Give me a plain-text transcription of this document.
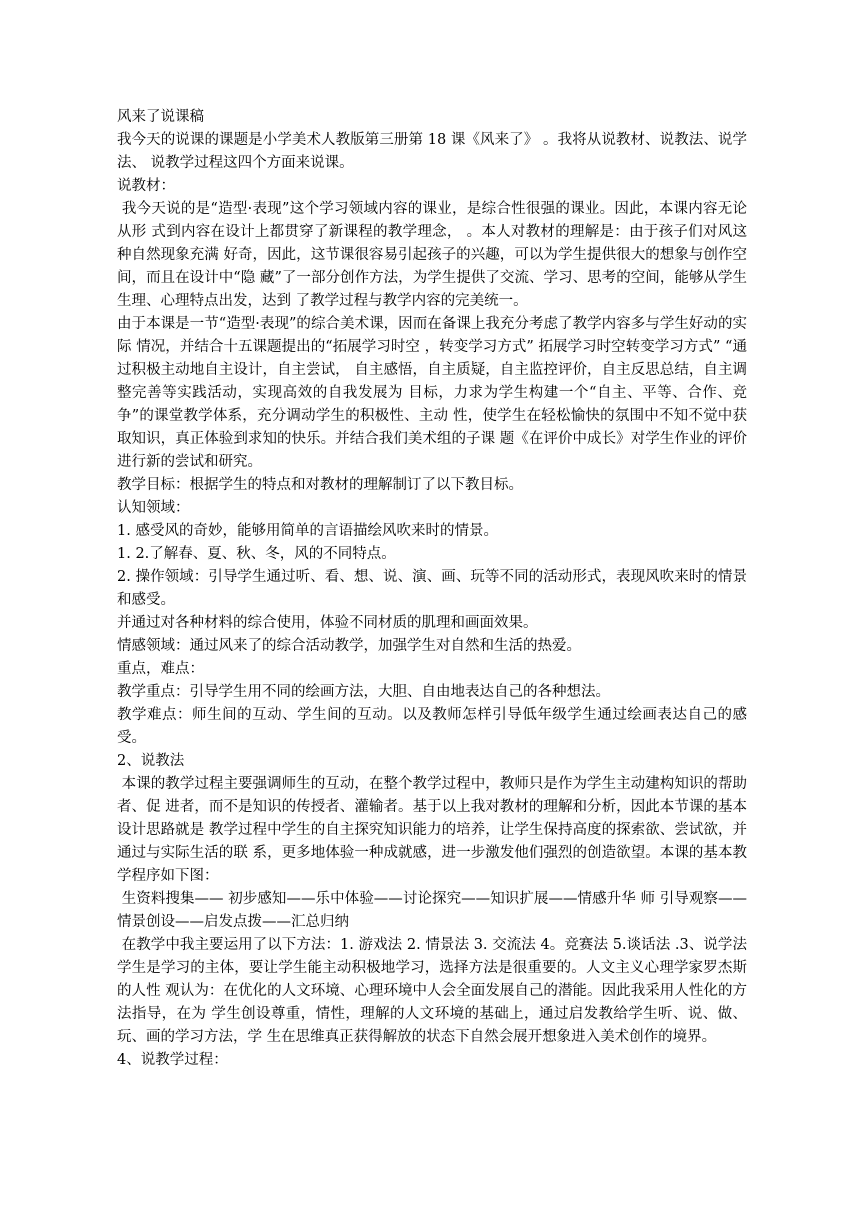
风来了说课稿

我今天的说课的课题是小学美术人教版第三册第 18 课《风来了》 。我将从说教材、说教法、说学法、 说教学过程这四个方面来说课。

说教材：

我今天说的是“造型·表现”这个学习领域内容的课业，是综合性很强的课业。因此，本课内容无论从形 式到内容在设计上都贯穿了新课程的教学理念， 。本人对教材的理解是：由于孩子们对风这种自然现象充满 好奇，因此，这节课很容易引起孩子的兴趣，可以为学生提供很大的想象与创作空间，而且在设计中“隐 藏”了一部分创作方法，为学生提供了交流、学习、思考的空间，能够从学生生理、心理特点出发，达到 了教学过程与教学内容的完美统一。

由于本课是一节“造型·表现”的综合美术课，因而在备课上我充分考虑了教学内容多与学生好动的实际 情况，并结合十五课题提出的“拓展学习时空 ，转变学习方式” 拓展学习时空转变学习方式” “通过积极主动地自主设计，自主尝试， 自主感悟，自主质疑，自主监控评价，自主反思总结，自主调整完善等实践活动，实现高效的自我发展为 目标，力求为学生构建一个“自主、平等、合作、竞争”的课堂教学体系，充分调动学生的积极性、主动 性，使学生在轻松愉快的氛围中不知不觉中获取知识，真正体验到求知的快乐。并结合我们美术组的子课 题《在评价中成长》对学生作业的评价进行新的尝试和研究。

教学目标：根据学生的特点和对教材的理解制订了以下教目标。

认知领域：

1. 感受风的奇妙，能够用简单的言语描绘风吹来时的情景。

1. 2.了解春、夏、秋、冬，风的不同特点。

2. 操作领域：引导学生通过听、看、想、说、演、画、玩等不同的活动形式，表现风吹来时的情景和感受。

并通过对各种材料的综合使用，体验不同材质的肌理和画面效果。

情感领域：通过风来了的综合活动教学，加强学生对自然和生活的热爱。

重点，难点：

教学重点：引导学生用不同的绘画方法，大胆、自由地表达自己的各种想法。

教学难点：师生间的互动、学生间的互动。以及教师怎样引导低年级学生通过绘画表达自己的感受。

2、说教法

本课的教学过程主要强调师生的互动，在整个教学过程中，教师只是作为学生主动建构知识的帮助者、促 进者，而不是知识的传授者、灌输者。基于以上我对教材的理解和分析，因此本节课的基本设计思路就是 教学过程中学生的自主探究知识能力的培养，让学生保持高度的探索欲、尝试欲，并通过与实际生活的联 系，更多地体验一种成就感，进一步激发他们强烈的创造欲望。本课的基本教学程序如下图：

生资料搜集—— 初步感知——乐中体验——讨论探究——知识扩展——情感升华 师 引导观察——情景创设——启发点拨——汇总归纳

在教学中我主要运用了以下方法：1. 游戏法 2. 情景法 3. 交流法 4。竞赛法 5.谈话法 .3、说学法 学生是学习的主体，要让学生能主动积极地学习，选择方法是很重要的。人文主义心理学家罗杰斯的人性 观认为：在优化的人文环境、心理环境中人会全面发展自己的潜能。因此我采用人性化的方法指导，在为 学生创设尊重，情性，理解的人文环境的基础上，通过启发教给学生听、说、做、玩、画的学习方法，学 生在思维真正获得解放的状态下自然会展开想象进入美术创作的境界。

4、说教学过程：
